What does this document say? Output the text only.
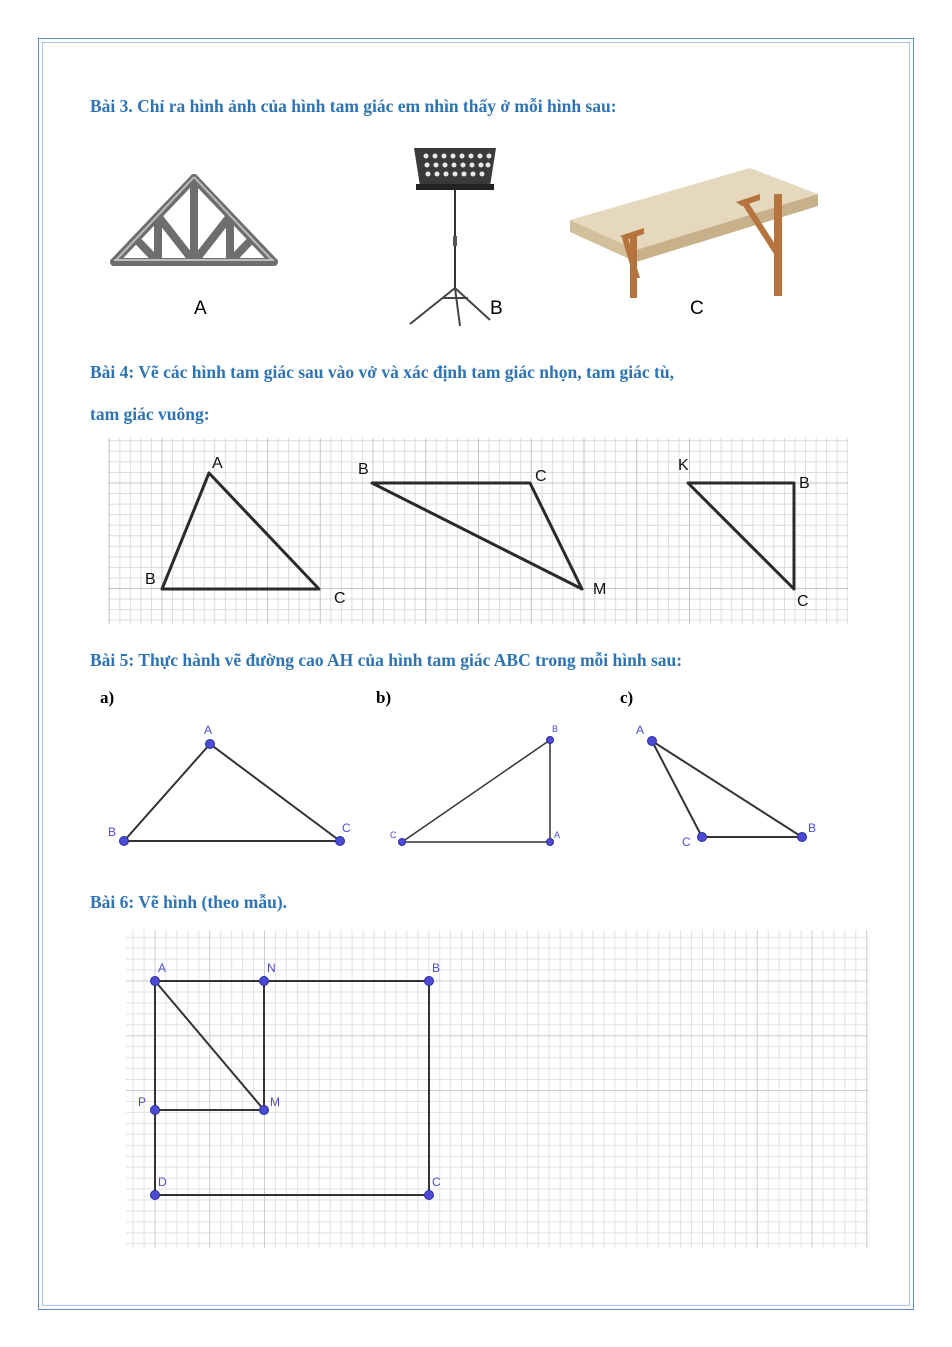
Bài 3. Chỉ ra hình ảnh của hình tam giác em nhìn thấy ở mỗi hình sau:
A	B	C
Bài 4: Vẽ các hình tam giác sau vào vở và xác định tam giác nhọn, tam giác tù,
tam giác vuông:
A
B
C
B	C
M
K
B
C
Bài 5: Thực hành vẽ đường cao AH của hình tam giác ABC trong mỗi hình sau:
a)	b)	c)
A
B	C
B
A
C
A
C
B
Bài 6: Vẽ hình (theo mẫu).
A	N	B
P	M
D	C
